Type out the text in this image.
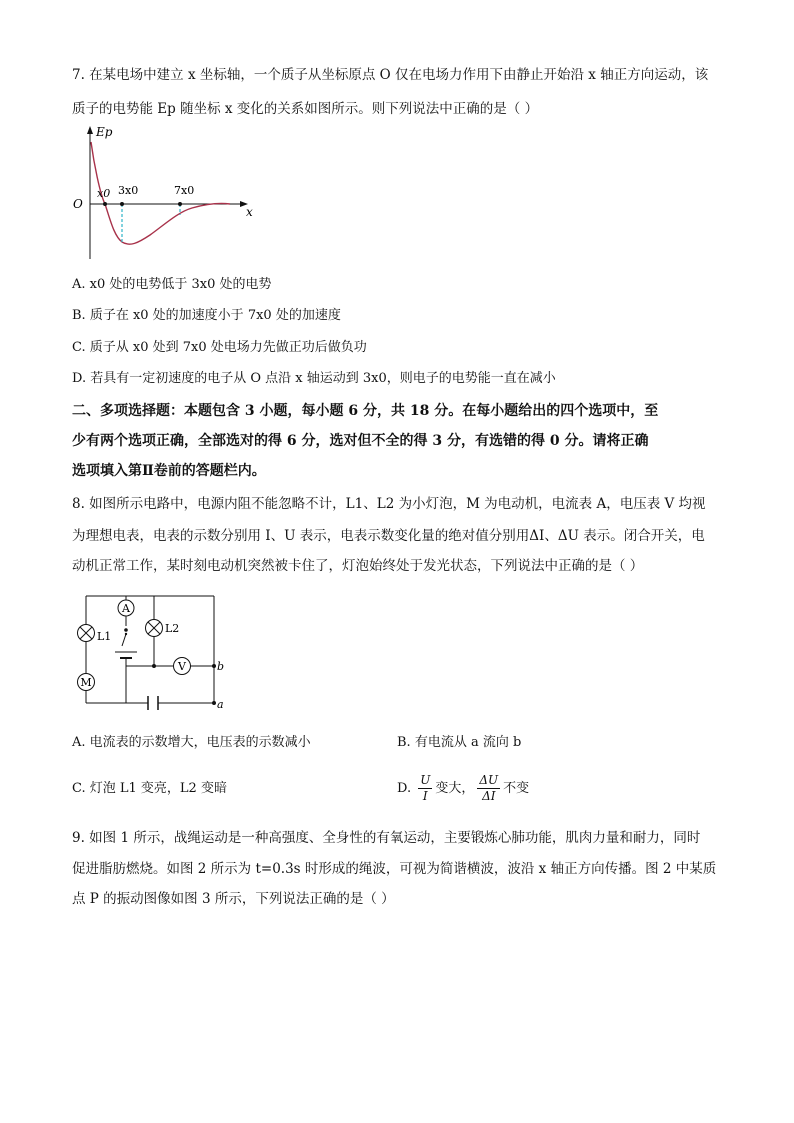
7. 在某电场中建立 x 坐标轴，一个质子从坐标原点 O 仅在电场力作用下由静止开始沿 x 轴正方向运动，该
质子的电势能 Ep 随坐标 x 变化的关系如图所示。则下列说法中正确的是（ ）
Ep
O
x0 3x0	7x0
x
A. x0 处的电势低于 3x0 处的电势
B. 质子在 x0 处的加速度小于 7x0 处的加速度
C. 质子从 x0 处到 7x0 处电场力先做正功后做负功
D. 若具有一定初速度的电子从 O 点沿 x 轴运动到 3x0，则电子的电势能一直在减小
二、多项选择题：本题包含 3 小题，每小题 6 分，共 18 分。在每小题给出的四个选项中，至
少有两个选项正确，全部选对的得 6 分，选对但不全的得 3 分，有选错的得 0 分。请将正确
选项填入第Ⅱ卷前的答题栏内。
8. 如图所示电路中，电源内阻不能忽略不计，L1、L2 为小灯泡，M 为电动机，电流表 A，电压表 V 均视
为理想电表，电表的示数分别用 I、U 表示，电表示数变化量的绝对值分别用ΔI、ΔU 表示。闭合开关，电
动机正常工作，某时刻电动机突然被卡住了，灯泡始终处于发光状态，下列说法中正确的是（ ）
A
L1
L2
V
M
b
a
A. 电流表的示数增大，电压表的示数减小	B. 有电流从 a 流向 b
C. 灯泡 L1 变亮，L2 变暗	D. $\frac{U}{I}$ 变大， $\frac{\Delta U}{\Delta I}$ 不变
9. 如图 1 所示，战绳运动是一种高强度、全身性的有氧运动，主要锻炼心肺功能，肌肉力量和耐力，同时
促进脂肪燃烧。如图 2 所示为 t=0.3s 时形成的绳波，可视为简谐横波，波沿 x 轴正方向传播。图 2 中某质
点 P 的振动图像如图 3 所示，下列说法正确的是（ ）
